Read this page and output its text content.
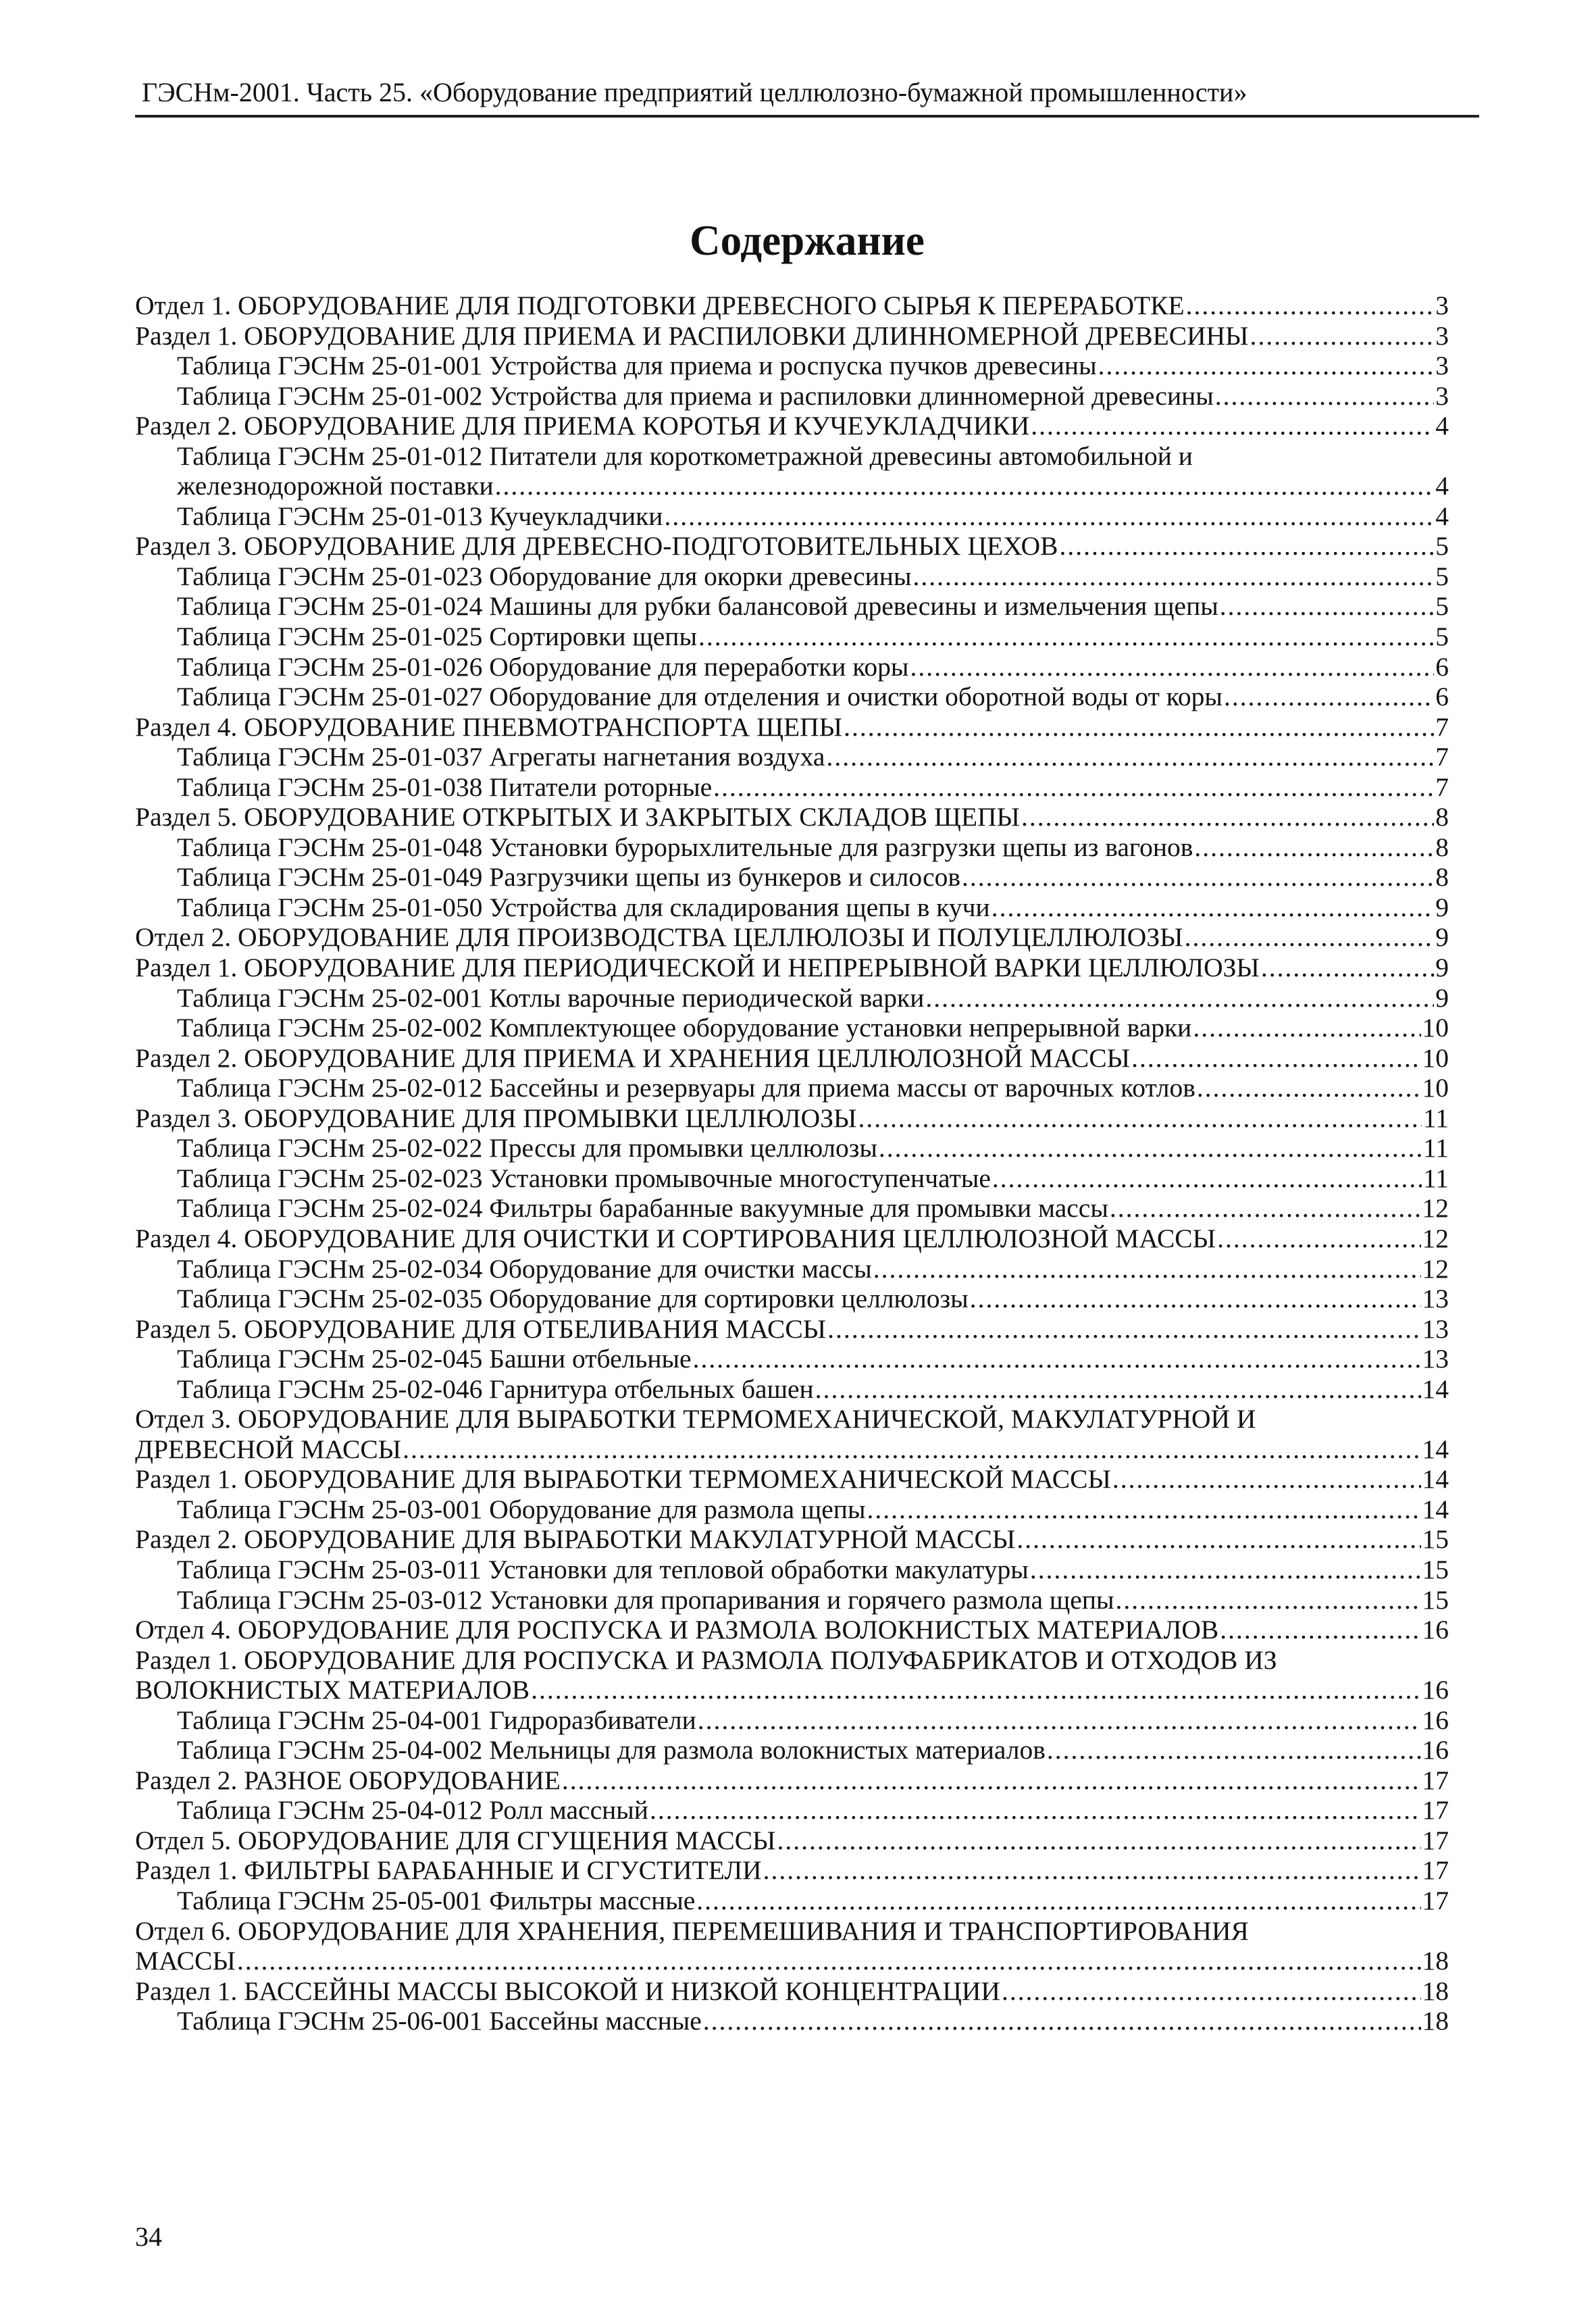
ГЭСНм-2001. Часть 25. «Оборудование предприятий целлюлозно-бумажной промышленности»
Содержание
Отдел 1. ОБОРУДОВАНИЕ ДЛЯ ПОДГОТОВКИ ДРЕВЕСНОГО СЫРЬЯ К ПЕРЕРАБОТКЕ .....	3
Раздел 1. ОБОРУДОВАНИЕ ДЛЯ ПРИЕМА И РАСПИЛОВКИ ДЛИННОМЕРНОЙ ДРЕВЕСИНЫ .....	3
Таблица ГЭСНм 25-01-001 Устройства для приема и роспуска пучков древесины .....	3
Таблица ГЭСНм 25-01-002 Устройства для приема и распиловки длинномерной древесины .....	3
Раздел 2. ОБОРУДОВАНИЕ ДЛЯ ПРИЕМА КОРОТЬЯ И КУЧЕУКЛАДЧИКИ .....	4
Таблица ГЭСНм 25-01-012 Питатели для короткометражной древесины автомобильной и
железнодорожной поставки .....	4
Таблица ГЭСНм 25-01-013 Кучеукладчики .....	4
Раздел 3. ОБОРУДОВАНИЕ ДЛЯ ДРЕВЕСНО-ПОДГОТОВИТЕЛЬНЫХ ЦЕХОВ .....	5
Таблица ГЭСНм 25-01-023 Оборудование для окорки древесины .....	5
Таблица ГЭСНм 25-01-024 Машины для рубки балансовой древесины и измельчения щепы .....	5
Таблица ГЭСНм 25-01-025 Сортировки щепы .....	5
Таблица ГЭСНм 25-01-026 Оборудование для переработки коры .....	6
Таблица ГЭСНм 25-01-027 Оборудование для отделения и очистки оборотной воды от коры .....	6
Раздел 4. ОБОРУДОВАНИЕ ПНЕВМОТРАНСПОРТА ЩЕПЫ .....	7
Таблица ГЭСНм 25-01-037 Агрегаты нагнетания воздуха .....	7
Таблица ГЭСНм 25-01-038 Питатели роторные .....	7
Раздел 5. ОБОРУДОВАНИЕ ОТКРЫТЫХ И ЗАКРЫТЫХ СКЛАДОВ ЩЕПЫ .....	8
Таблица ГЭСНм 25-01-048 Установки бурорыхлительные для разгрузки щепы из вагонов .....	8
Таблица ГЭСНм 25-01-049 Разгрузчики щепы из бункеров и силосов .....	8
Таблица ГЭСНм 25-01-050 Устройства для складирования щепы в кучи .....	9
Отдел 2. ОБОРУДОВАНИЕ ДЛЯ ПРОИЗВОДСТВА ЦЕЛЛЮЛОЗЫ И ПОЛУЦЕЛЛЮЛОЗЫ .....	9
Раздел 1. ОБОРУДОВАНИЕ ДЛЯ ПЕРИОДИЧЕСКОЙ И НЕПРЕРЫВНОЙ ВАРКИ ЦЕЛЛЮЛОЗЫ .....	9
Таблица ГЭСНм 25-02-001 Котлы варочные периодической варки .....	9
Таблица ГЭСНм 25-02-002 Комплектующее оборудование установки непрерывной варки .....	10
Раздел 2. ОБОРУДОВАНИЕ ДЛЯ ПРИЕМА И ХРАНЕНИЯ ЦЕЛЛЮЛОЗНОЙ МАССЫ .....	10
Таблица ГЭСНм 25-02-012 Бассейны и резервуары для приема массы от варочных котлов .....	10
Раздел 3. ОБОРУДОВАНИЕ ДЛЯ ПРОМЫВКИ ЦЕЛЛЮЛОЗЫ .....	11
Таблица ГЭСНм 25-02-022 Прессы для промывки целлюлозы .....	11
Таблица ГЭСНм 25-02-023 Установки промывочные многоступенчатые .....	11
Таблица ГЭСНм 25-02-024 Фильтры барабанные вакуумные для промывки массы .....	12
Раздел 4. ОБОРУДОВАНИЕ ДЛЯ ОЧИСТКИ И СОРТИРОВАНИЯ ЦЕЛЛЮЛОЗНОЙ МАССЫ .....	12
Таблица ГЭСНм 25-02-034 Оборудование для очистки массы .....	12
Таблица ГЭСНм 25-02-035 Оборудование для сортировки целлюлозы .....	13
Раздел 5. ОБОРУДОВАНИЕ ДЛЯ ОТБЕЛИВАНИЯ МАССЫ .....	13
Таблица ГЭСНм 25-02-045 Башни отбельные .....	13
Таблица ГЭСНм 25-02-046 Гарнитура отбельных башен .....	14
Отдел 3. ОБОРУДОВАНИЕ ДЛЯ ВЫРАБОТКИ ТЕРМОМЕХАНИЧЕСКОЙ, МАКУЛАТУРНОЙ И
ДРЕВЕСНОЙ МАССЫ .....	14
Раздел 1. ОБОРУДОВАНИЕ ДЛЯ ВЫРАБОТКИ ТЕРМОМЕХАНИЧЕСКОЙ МАССЫ .....	14
Таблица ГЭСНм 25-03-001 Оборудование для размола щепы .....	14
Раздел 2. ОБОРУДОВАНИЕ ДЛЯ ВЫРАБОТКИ МАКУЛАТУРНОЙ МАССЫ .....	15
Таблица ГЭСНм 25-03-011 Установки для тепловой обработки макулатуры .....	15
Таблица ГЭСНм 25-03-012 Установки для пропаривания и горячего размола щепы .....	15
Отдел 4. ОБОРУДОВАНИЕ ДЛЯ РОСПУСКА И РАЗМОЛА ВОЛОКНИСТЫХ МАТЕРИАЛОВ .....	16
Раздел 1. ОБОРУДОВАНИЕ ДЛЯ РОСПУСКА И РАЗМОЛА ПОЛУФАБРИКАТОВ И ОТХОДОВ ИЗ
ВОЛОКНИСТЫХ МАТЕРИАЛОВ .....	16
Таблица ГЭСНм 25-04-001 Гидроразбиватели .....	16
Таблица ГЭСНм 25-04-002 Мельницы для размола волокнистых материалов .....	16
Раздел 2. РАЗНОЕ ОБОРУДОВАНИЕ .....	17
Таблица ГЭСНм 25-04-012 Ролл массный .....	17
Отдел 5. ОБОРУДОВАНИЕ ДЛЯ СГУЩЕНИЯ МАССЫ .....	17
Раздел 1. ФИЛЬТРЫ БАРАБАННЫЕ И СГУСТИТЕЛИ .....	17
Таблица ГЭСНм 25-05-001 Фильтры массные .....	17
Отдел 6. ОБОРУДОВАНИЕ ДЛЯ ХРАНЕНИЯ, ПЕРЕМЕШИВАНИЯ И ТРАНСПОРТИРОВАНИЯ
МАССЫ .....	18
Раздел 1. БАССЕЙНЫ МАССЫ ВЫСОКОЙ И НИЗКОЙ КОНЦЕНТРАЦИИ .....	18
Таблица ГЭСНм 25-06-001 Бассейны массные .....	18
34
